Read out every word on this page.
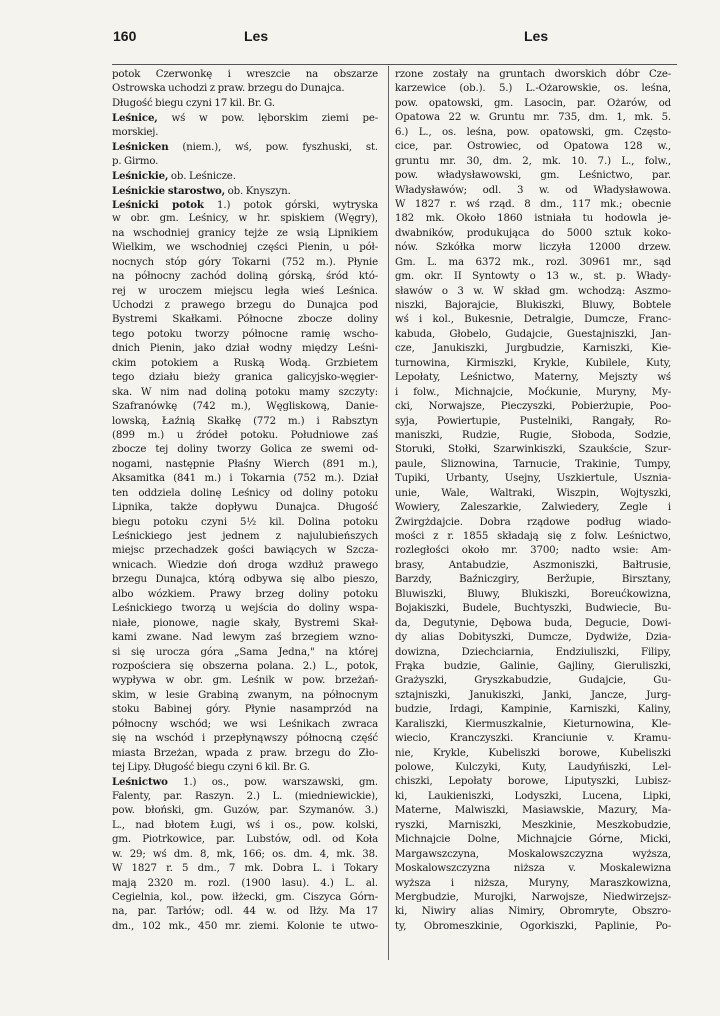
160	Les	Les
potok Czerwonkę i wreszcie na obszarze
Ostrowska uchodzi z praw. brzegu do Dunajca.
Długość biegu czyni 17 kil. Br. G.
Leśnice, wś w pow. lęborskim ziemi pe-
morskiej.
Leśnicken (niem.), wś, pow. fyszhuski, st.
p. Girmo.
Leśnickie, ob. Leśnicze.
Leśnickie starostwo, ob. Knyszyn.
Leśnicki potok 1.) potok górski, wytryska
w obr. gm. Leśnicy, w hr. spiskiem (Węgry),
na wschodniej granicy tejże ze wsią Lipnikiem
Wielkim, we wschodniej części Pienin, u pół-
nocnych stóp góry Tokarni (752 m.). Płynie
na północny zachód doliną górską, śród któ-
rej w uroczem miejscu legła wieś Leśnica.
Uchodzi z prawego brzegu do Dunajca pod
Bystremi Skałkami. Północne zbocze doliny
tego potoku tworzy północne ramię wscho-
dnich Pienin, jako dział wodny między Leśni-
ckim potokiem a Ruską Wodą. Grzbietem
tego działu bieży granica galicyjsko-węgier-
ska. W nim nad doliną potoku mamy szczyty:
Szafranówkę (742 m.), Węgliskową, Danie-
lowską, Łaźnią Skałkę (772 m.) i Rabsztyn
(899 m.) u źródeł potoku. Południowe zaś
zbocze tej doliny tworzy Golica ze swemi od-
nogami, następnie Płaśny Wierch (891 m.),
Aksamitka (841 m.) i Tokarnia (752 m.). Dział
ten oddziela dolinę Leśnicy od doliny potoku
Lipnika, także dopływu Dunajca. Długość
biegu potoku czyni 5½ kil. Dolina potoku
Leśnickiego jest jednem z najulubieńszych
miejsc przechadzek gości bawiących w Szcza-
wnicach. Wiedzie doń droga wzdłuż prawego
brzegu Dunajca, którą odbywa się albo pieszo,
albo wózkiem. Prawy brzeg doliny potoku
Leśnickiego tworzą u wejścia do doliny wspa-
niałe, pionowe, nagie skały, Bystremi Skał-
kami zwane. Nad lewym zaś brzegiem wzno-
si się urocza góra „Sama Jedna," na której
rozpościera się obszerna polana. 2.) L., potok,
wypływa w obr. gm. Leśnik w pow. brzeżań-
skim, w lesie Grabiną zwanym, na północnym
stoku Babinej góry. Płynie nasamprzód na
północny wschód; we wsi Leśnikach zwraca
się na wschód i przepłynąwszy północną część
miasta Brzeżan, wpada z praw. brzegu do Zło-
tej Lipy. Długość biegu czyni 6 kil. Br. G.
Leśnictwo 1.) os., pow. warszawski, gm.
Falenty, par. Raszyn. 2.) L. (miedniewickie),
pow. błoński, gm. Guzów, par. Szymanów. 3.)
L., nad błotem Ługi, wś i os., pow. kolski,
gm. Piotrkowice, par. Lubstów, odl. od Koła
w. 29; wś dm. 8, mk, 166; os. dm. 4, mk. 38.
W 1827 r. 5 dm., 7 mk. Dobra L. i Tokary
mają 2320 m. rozl. (1900 lasu). 4.) L. al.
Cegielnia, kol., pow. iłżecki, gm. Ciszyca Górn-
na, par. Tarłów; odl. 44 w. od Iłży. Ma 17
dm., 102 mk., 450 mr. ziemi. Kolonie te utwo-
rzone zostały na gruntach dworskich dóbr Cze-
karzewice (ob.). 5.) L.-Ożarowskie, os. leśna,
pow. opatowski, gm. Lasocin, par. Ożarów, od
Opatowa 22 w. Gruntu mr. 735, dm. 1, mk. 5.
6.) L., os. leśna, pow. opatowski, gm. Często-
cice, par. Ostrowiec, od Opatowa 128 w.,
gruntu mr. 30, dm. 2, mk. 10. 7.) L., folw.,
pow. władysławowski, gm. Leśnictwo, par.
Władysławów; odl. 3 w. od Władysławowa.
W 1827 r. wś rząd. 8 dm., 117 mk.; obecnie
182 mk. Około 1860 istniała tu hodowla je-
dwabników, produkująca do 5000 sztuk koko-
nów. Szkółka morw liczyła 12000 drzew.
Gm. L. ma 6372 mk., rozl. 30961 mr., sąd
gm. okr. II Syntowty o 13 w., st. p. Włady-
sławów o 3 w. W skład gm. wchodzą: Aszmo-
niszki, Bajorajcie, Blukiszki, Bluwy, Bobtele
wś i kol., Bukesnie, Detralgie, Dumcze, Franc-
kabuda, Głobelo, Gudajcie, Guestajniszki, Jan-
cze, Janukiszki, Jurgbudzie, Karniszki, Kie-
turnowina, Kirmiszki, Krykle, Kubilele, Kuty,
Lepołaty, Leśnictwo, Materny, Mejszty wś
i folw., Michnajcie, Moćkunie, Muryny, My-
cki, Norwajsze, Pieczyszki, Pobierżupie, Poo-
syja, Powiertupie, Pustelniki, Rangały, Ro-
maniszki, Rudzie, Rugie, Słoboda, Sodzie,
Storuki, Stołki, Szarwinkiszki, Szaukście, Szur-
paule, Śliznowina, Tarnucie, Trakinie, Tumpy,
Tupiki, Urbanty, Usejny, Uszkiertule, Uszniа-
unie, Wale, Waltraki, Wiszpin, Wojtyszki,
Wowiery, Zaleszarkie, Zalwiedery, Zegle i
Żwirgżdajcie. Dobra rządowe podług wiado-
mości z r. 1855 składają się z folw. Leśnictwo,
rozległości około mr. 3700; nadto wsie: Am-
brasy, Antabudzie, Aszmoniszki, Bałtrusie,
Barzdy, Baźniczgiry, Beržupie, Birsztany,
Bluwiszki, Bluwy, Blukiszki, Boreućkowizna,
Bojakiszki, Budele, Buchtyszki, Budwiecie, Bu-
da, Degutynie, Dębowa buda, Degucie, Dowi-
dy alias Dobityszki, Dumcze, Dydwiże, Dzia-
dowizna, Dziechciarnia, Endziuliszki, Filipy,
Frąka budzie, Galinie, Gajliny, Gieruliszki,
Grażyszki, Gryszkabudzie, Gudajcie, Gu-
sztajniszki, Janukiszki, Janki, Jancze, Jurg-
budzie, Irdagi, Kampinie, Karniszki, Kaliny,
Karaliszki, Kiermuszkalnie, Kieturnowina, Kle-
wiecio, Kranczyszki. Kranciunie v. Kramu-
nie, Krykle, Kubeliszki borowe, Kubeliszki
polowe, Kulczyki, Kuty, Laudyńiszki, Lel-
chiszki, Lepołaty borowe, Liputyszki, Lubisz-
ki, Laukieniszki, Lodyszki, Lucena, Lipki,
Materne, Malwiszki, Masiawskie, Mazury, Ma-
ryszki, Marniszki, Meszkinie, Meszkobudzie,
Michnajcie Dolne, Michnajcie Górne, Micki,
Margawszczyna, Moskalowszczyzna wyższa,
Moskalowszczyzna niższa v. Moskalewizna
wyższa i niższa, Muryny, Maraszkowizna,
Mergbudzie, Murojki, Narwojsze, Niedwirzejsz-
ki, Niwiry alias Nimiry, Obromryte, Obszro-
ty, Obromeszkinie, Ogorkiszki, Paplinie, Po-
